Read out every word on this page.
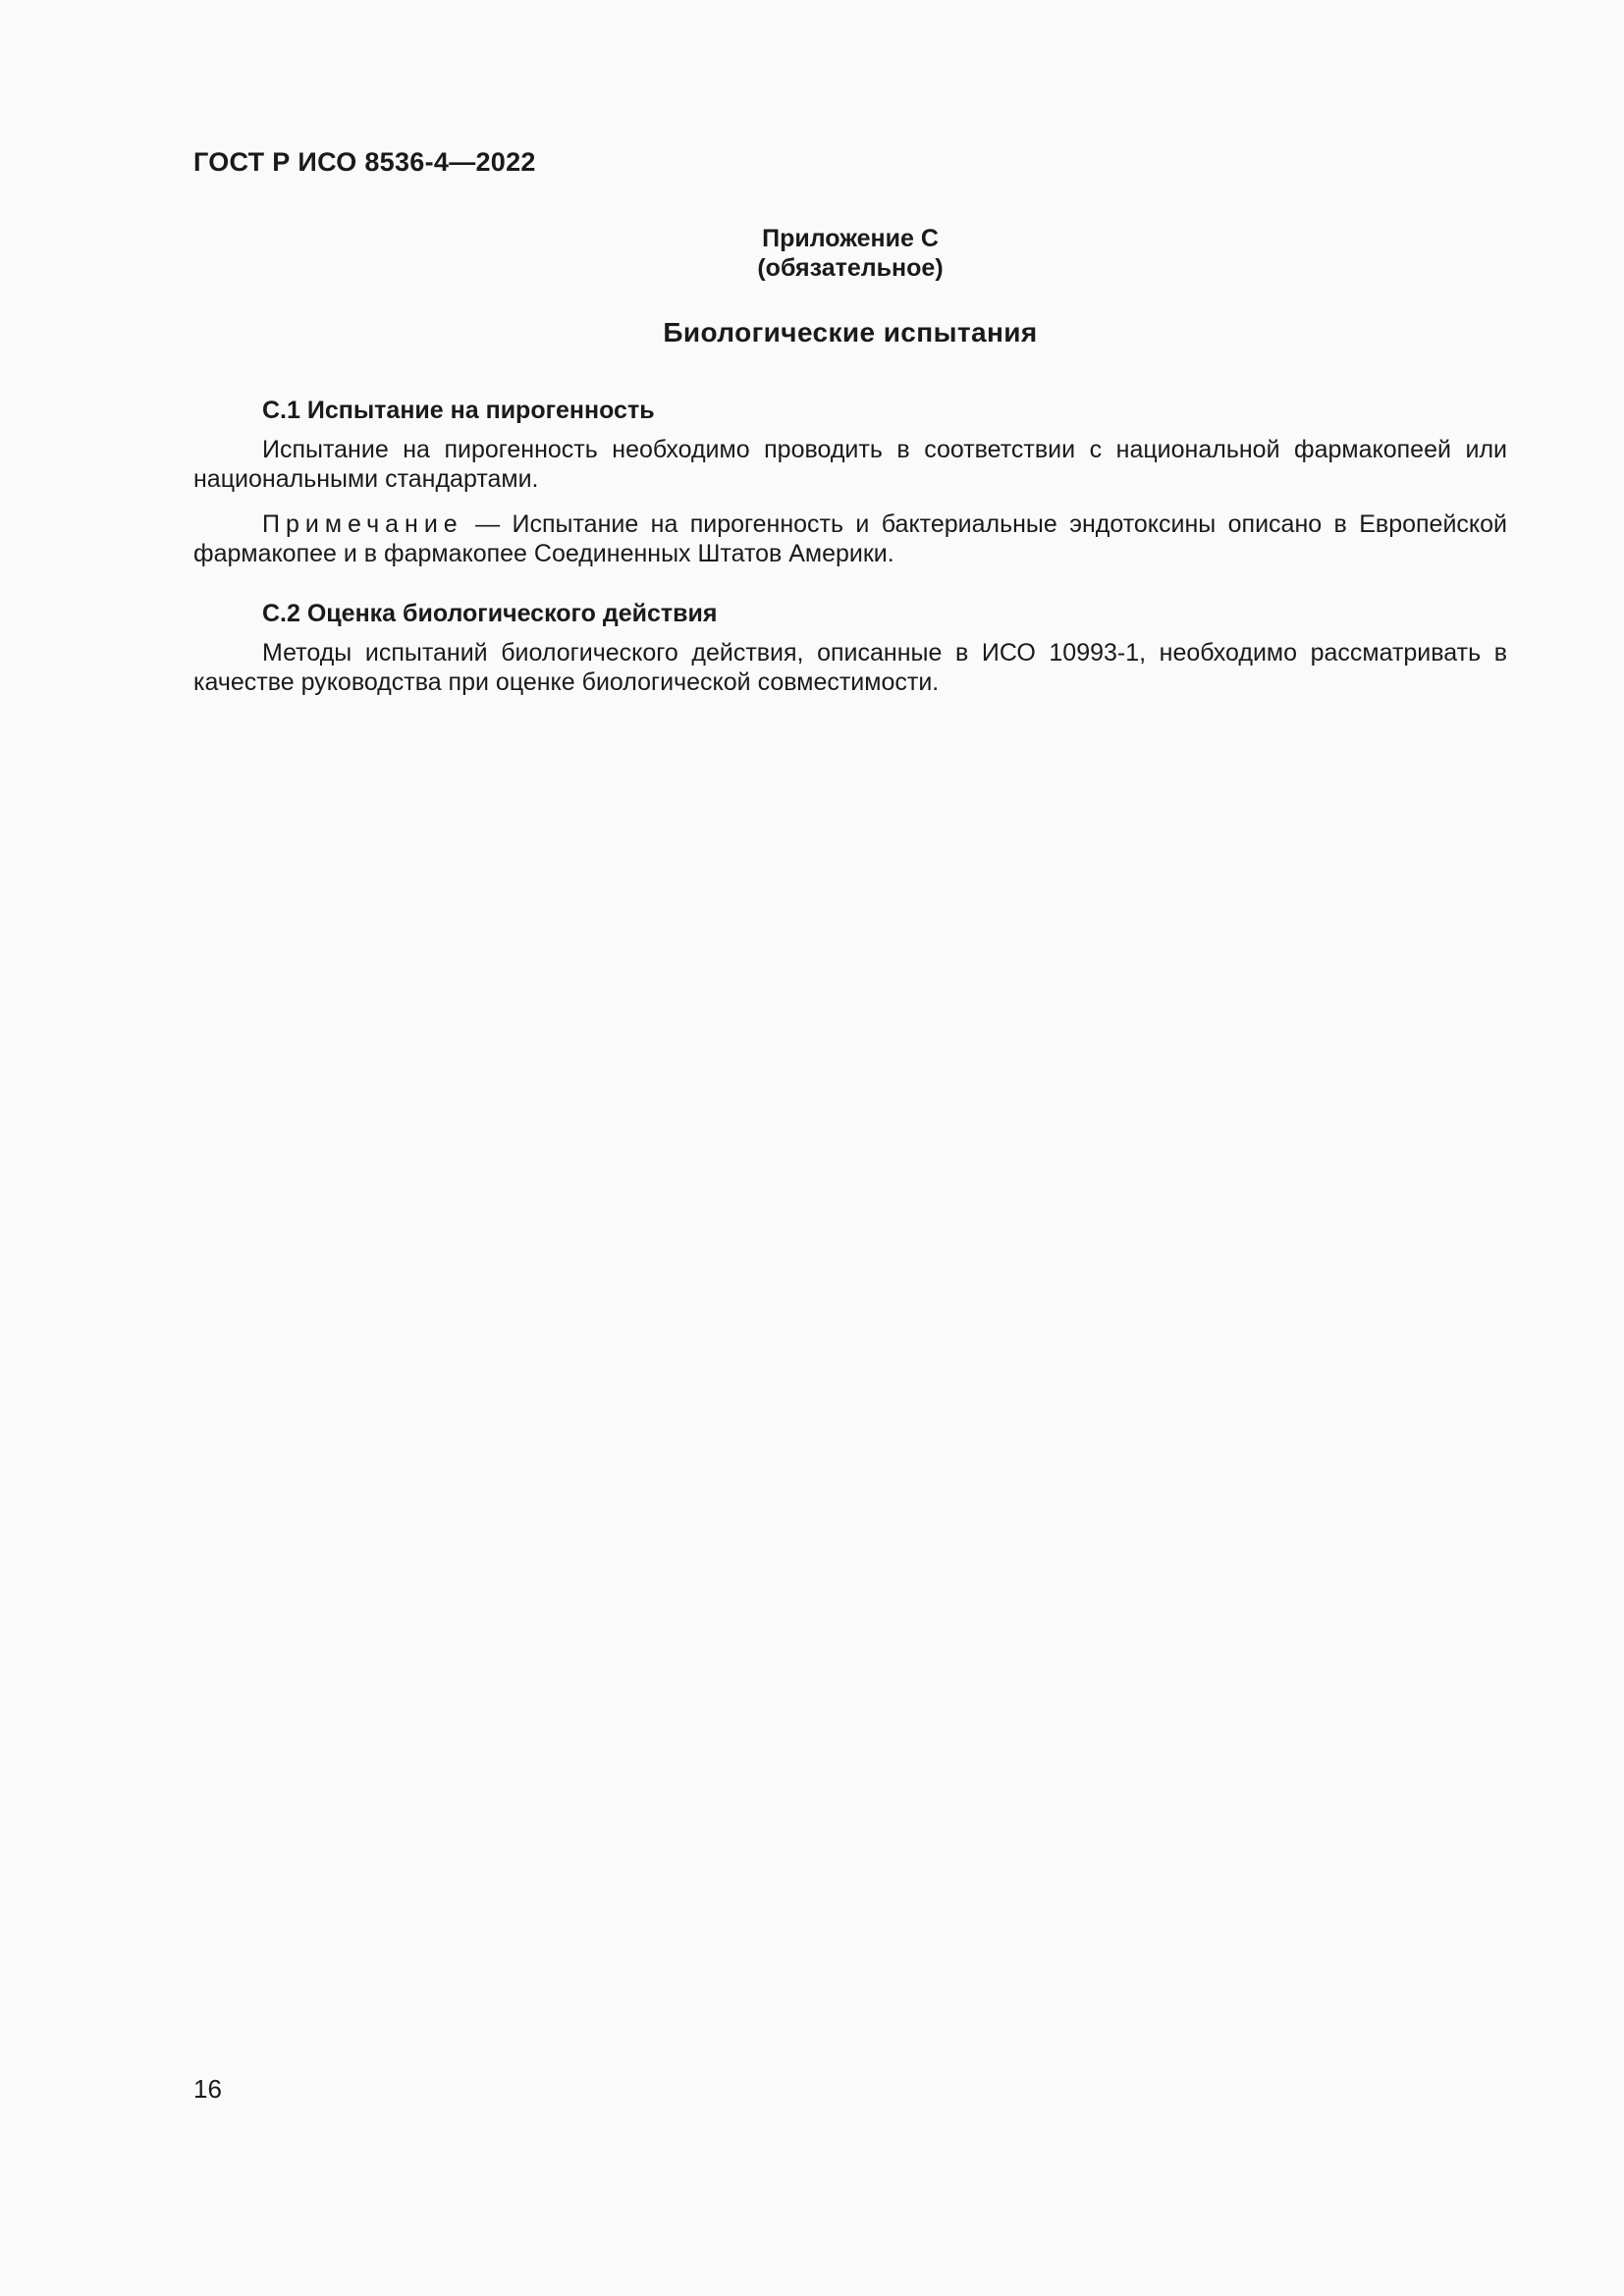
ГОСТ Р ИСО 8536-4—2022

Приложение С
(обязательное)
Биологические испытания
С.1 Испытание на пирогенность

Испытание на пирогенность необходимо проводить в соответствии с национальной фармакопеей или национальными стандартами.

Примечание — Испытание на пирогенность и бактериальные эндотоксины описано в Европейской фармакопее и в фармакопее Соединенных Штатов Америки.

С.2 Оценка биологического действия

Методы испытаний биологического действия, описанные в ИСО 10993-1, необходимо рассматривать в качестве руководства при оценке биологической совместимости.

16
